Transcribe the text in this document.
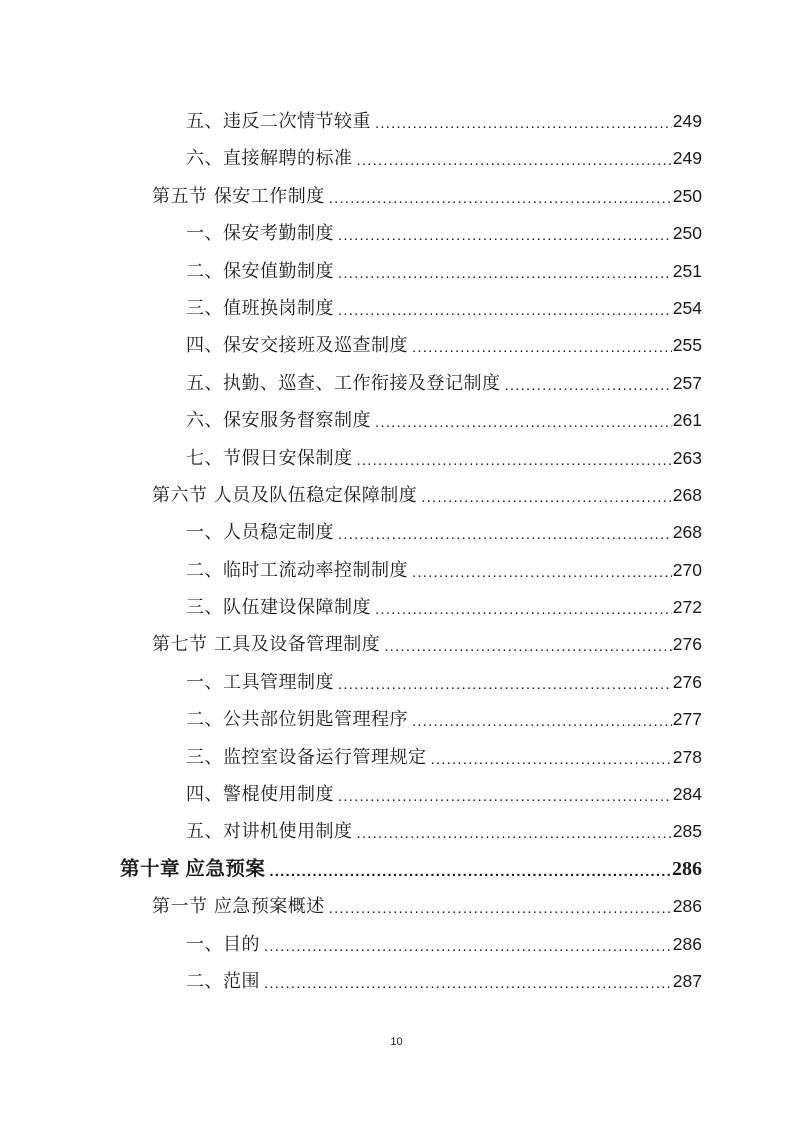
五、违反二次情节较重 .....	249
六、直接解聘的标准 .....	249
第五节 保安工作制度 .....	250
一、保安考勤制度 .....	250
二、保安值勤制度 .....	251
三、值班换岗制度 .....	254
四、保安交接班及巡查制度 .....	255
五、执勤、巡查、工作衔接及登记制度 .....	257
六、保安服务督察制度 .....	261
七、节假日安保制度 .....	263
第六节 人员及队伍稳定保障制度 .....	268
一、人员稳定制度 .....	268
二、临时工流动率控制制度 .....	270
三、队伍建设保障制度 .....	272
第七节 工具及设备管理制度 .....	276
一、工具管理制度 .....	276
二、公共部位钥匙管理程序 .....	277
三、监控室设备运行管理规定 .....	278
四、警棍使用制度 .....	284
五、对讲机使用制度 .....	285
第十章 应急预案 .....	286
第一节 应急预案概述 .....	286
一、目的 .....	286
二、范围 .....	287
10
